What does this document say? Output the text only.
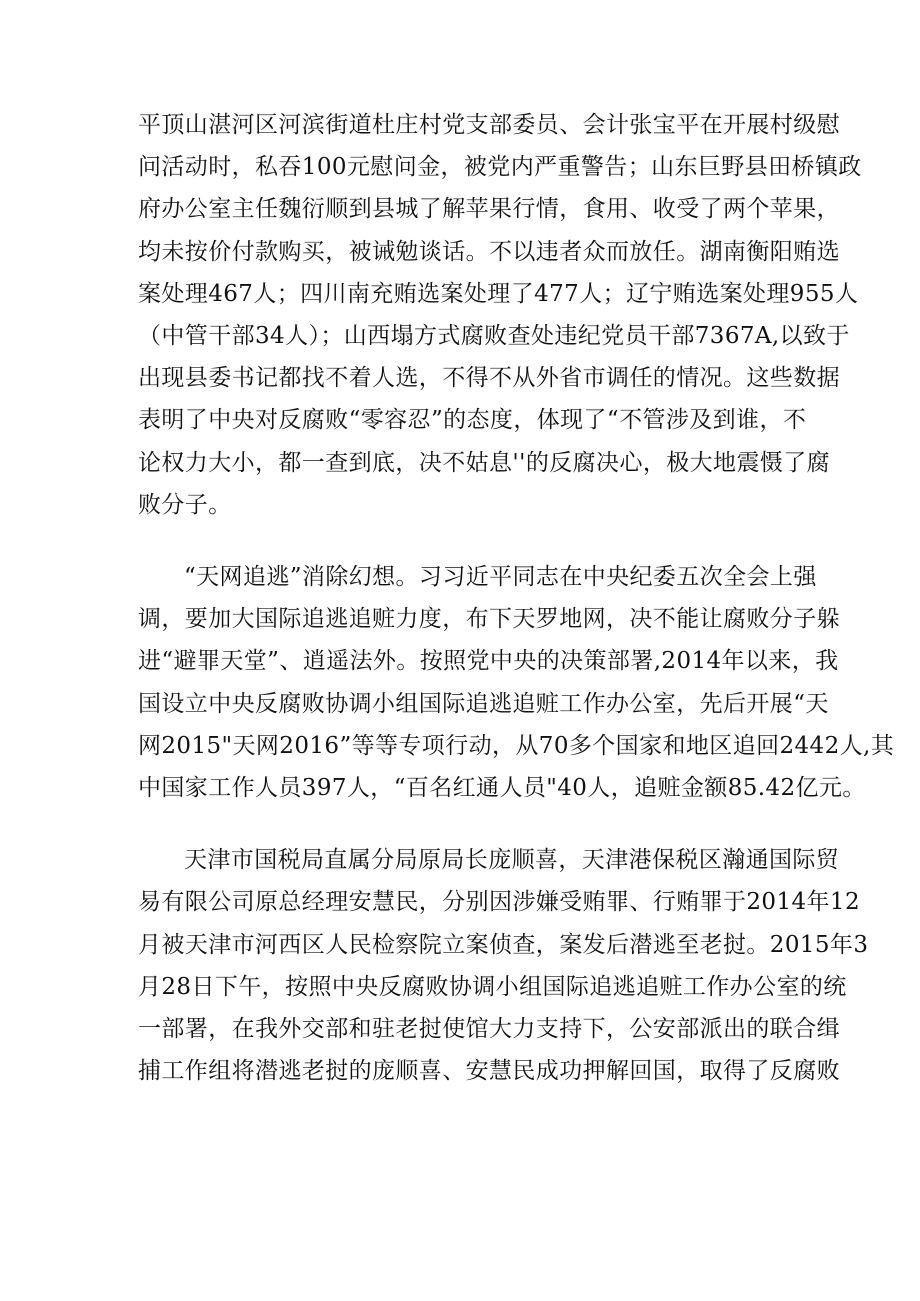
平顶山湛河区河滨街道杜庄村党支部委员、会计张宝平在开展村级慰
问活动时，私吞100元慰问金，被党内严重警告；山东巨野县田桥镇政
府办公室主任魏衍顺到县城了解苹果行情，食用、收受了两个苹果，
均未按价付款购买，被诫勉谈话。不以违者众而放任。湖南衡阳贿选
案处理467人；四川南充贿选案处理了477人；辽宁贿选案处理955人
（中管干部34人）；山西塌方式腐败查处违纪党员干部7367A,以致于
出现县委书记都找不着人选，不得不从外省市调任的情况。这些数据
表明了中央对反腐败“零容忍”的态度，体现了“不管涉及到谁，不
论权力大小，都一查到底，决不姑息''的反腐决心，极大地震慑了腐
败分子。
“天网追逃”消除幻想。习习近平同志在中央纪委五次全会上强
调，要加大国际追逃追赃力度，布下天罗地网，决不能让腐败分子躲
进“避罪天堂”、逍遥法外。按照党中央的决策部署,2014年以来，我
国设立中央反腐败协调小组国际追逃追赃工作办公室，先后开展“天
网2015"天网2016”等等专项行动，从70多个国家和地区追回2442人,其
中国家工作人员397人，“百名红通人员"40人，追赃金额85.42亿元。
天津市国税局直属分局原局长庞顺喜，天津港保税区瀚通国际贸
易有限公司原总经理安慧民，分别因涉嫌受贿罪、行贿罪于2014年12
月被天津市河西区人民检察院立案侦查，案发后潜逃至老挝。2015年3
月28日下午，按照中央反腐败协调小组国际追逃追赃工作办公室的统
一部署，在我外交部和驻老挝使馆大力支持下，公安部派出的联合缉
捕工作组将潜逃老挝的庞顺喜、安慧民成功押解回国，取得了反腐败
